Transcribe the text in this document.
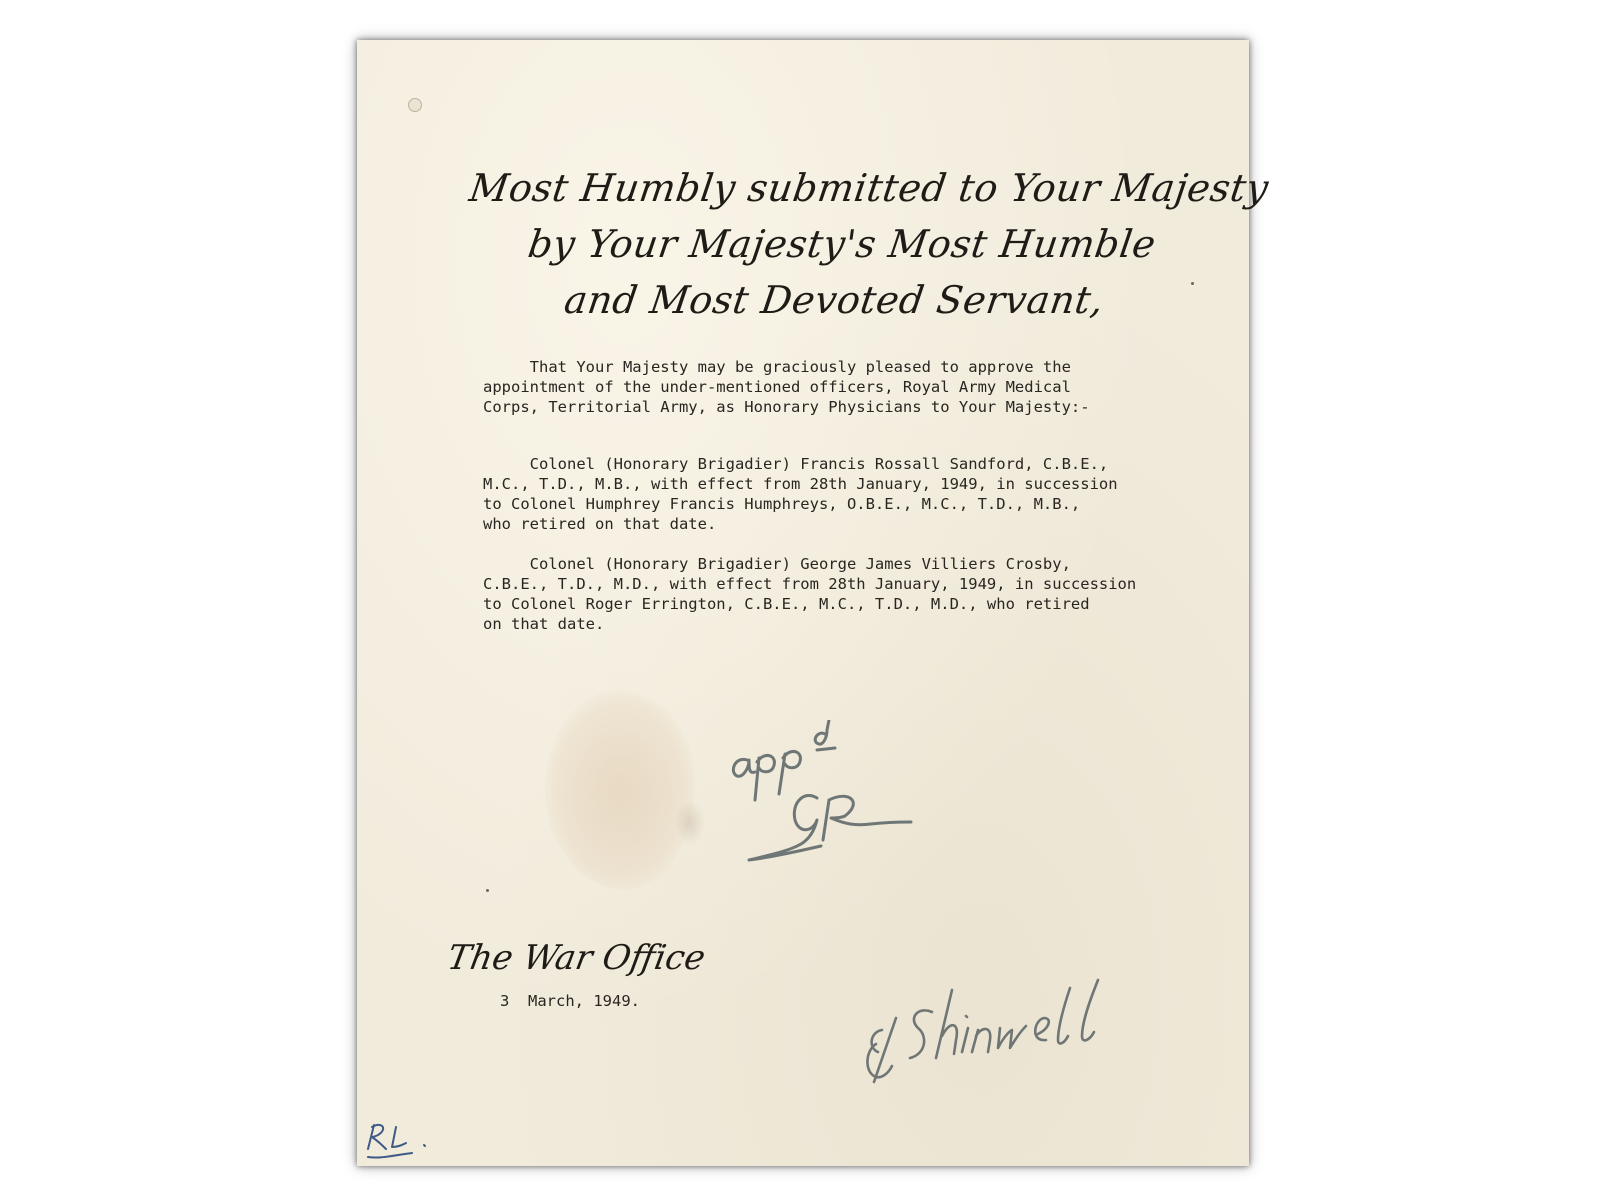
Most Humbly submitted to Your Majesty
by Your Majesty's Most Humble
and Most Devoted Servant,
That Your Majesty may be graciously pleased to approve the
appointment of the under-mentioned officers, Royal Army Medical
Corps, Territorial Army, as Honorary Physicians to Your Majesty:-
Colonel (Honorary Brigadier) Francis Rossall Sandford, C.B.E.,
M.C., T.D., M.B., with effect from 28th January, 1949, in succession
to Colonel Humphrey Francis Humphreys, O.B.E., M.C., T.D., M.B.,
who retired on that date.
Colonel (Honorary Brigadier) George James Villiers Crosby,
C.B.E., T.D., M.D., with effect from 28th January, 1949, in succession
to Colonel Roger Errington, C.B.E., M.C., T.D., M.D., who retired
on that date.
The War Office
3  March, 1949.
